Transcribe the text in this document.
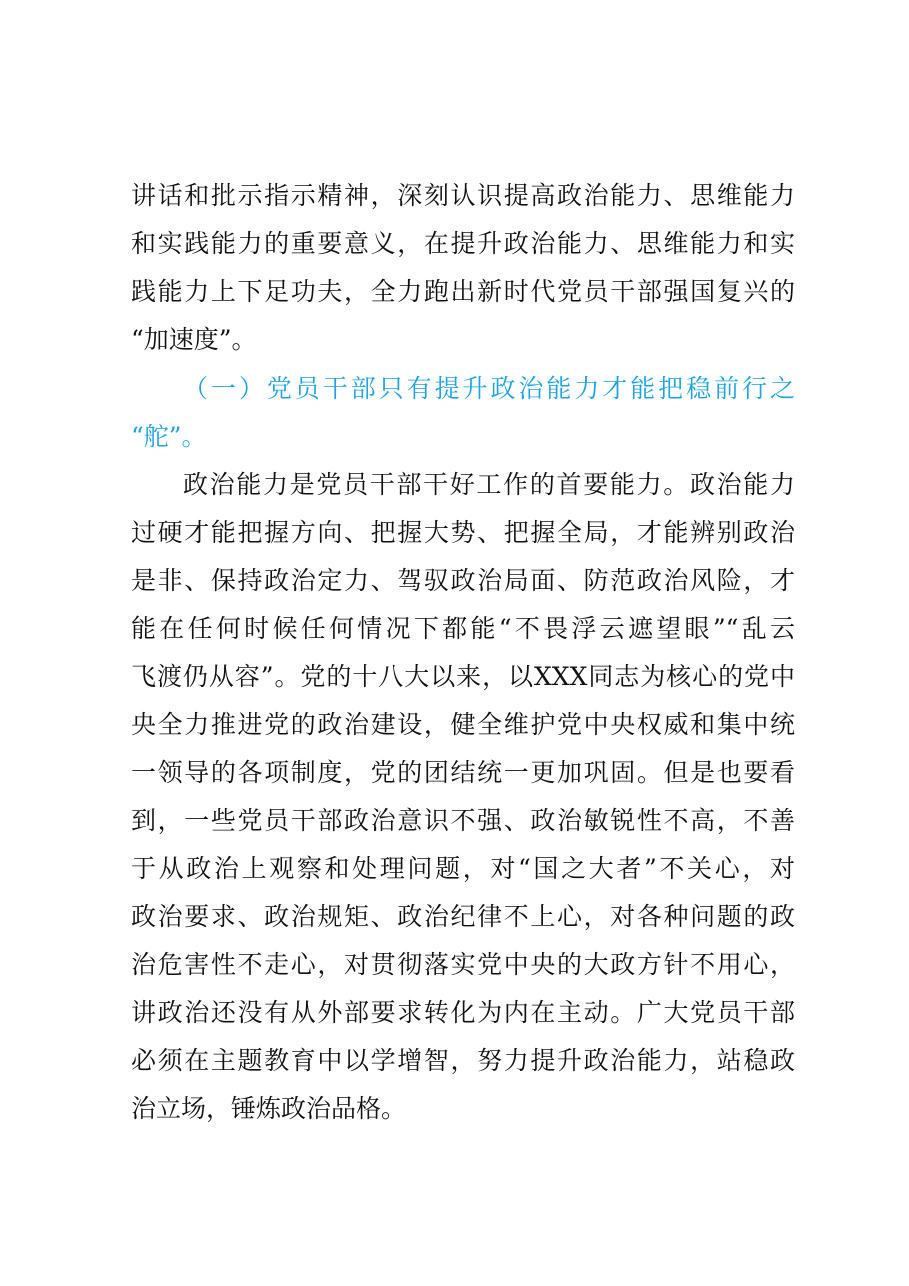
讲话和批示指示精神，深刻认识提高政治能力、思维能力
和实践能力的重要意义，在提升政治能力、思维能力和实
践能力上下足功夫，全力跑出新时代党员干部强国复兴的
“加速度”。
（一）党员干部只有提升政治能力才能把稳前行之
“舵”。
政治能力是党员干部干好工作的首要能力。政治能力
过硬才能把握方向、把握大势、把握全局，才能辨别政治
是非、保持政治定力、驾驭政治局面、防范政治风险，才
能在任何时候任何情况下都能“不畏浮云遮望眼”“乱云
飞渡仍从容”。党的十八大以来，以XXX同志为核心的党中
央全力推进党的政治建设，健全维护党中央权威和集中统
一领导的各项制度，党的团结统一更加巩固。但是也要看
到，一些党员干部政治意识不强、政治敏锐性不高，不善
于从政治上观察和处理问题，对“国之大者”不关心，对
政治要求、政治规矩、政治纪律不上心，对各种问题的政
治危害性不走心，对贯彻落实党中央的大政方针不用心，
讲政治还没有从外部要求转化为内在主动。广大党员干部
必须在主题教育中以学增智，努力提升政治能力，站稳政
治立场，锤炼政治品格。
